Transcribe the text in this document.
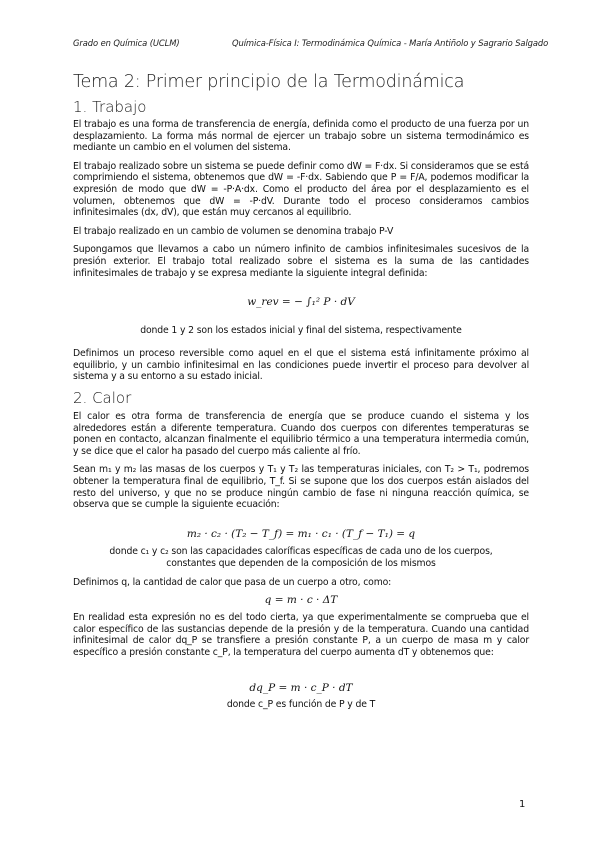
Grado en Química (UCLM)	Química-Física I: Termodinámica Química - María Antiñolo y Sagrario Salgado
Tema 2: Primer principio de la Termodinámica
1. Trabajo

El trabajo es una forma de transferencia de energía, definida como el producto de una fuerza por un desplazamiento. La forma más normal de ejercer un trabajo sobre un sistema termodinámico es mediante un cambio en el volumen del sistema.

El trabajo realizado sobre un sistema se puede definir como dW = F·dx. Si consideramos que se está comprimiendo el sistema, obtenemos que dW = -F·dx. Sabiendo que P = F/A, podemos modificar la expresión de modo que dW = -P·A·dx. Como el producto del área por el desplazamiento es el volumen, obtenemos que dW = -P·dV. Durante todo el proceso consideramos cambios infinitesimales (dx, dV), que están muy cercanos al equilibrio.

El trabajo realizado en un cambio de volumen se denomina trabajo P-V

Supongamos que llevamos a cabo un número infinito de cambios infinitesimales sucesivos de la presión exterior. El trabajo total realizado sobre el sistema es la suma de las cantidades infinitesimales de trabajo y se expresa mediante la siguiente integral definida:

w_rev = − ∫₁² P · dV
donde 1 y 2 son los estados inicial y final del sistema, respectivamente

Definimos un proceso reversible como aquel en el que el sistema está infinitamente próximo al equilibrio, y un cambio infinitesimal en las condiciones puede invertir el proceso para devolver al sistema y a su entorno a su estado inicial.

2. Calor

El calor es otra forma de transferencia de energía que se produce cuando el sistema y los alrededores están a diferente temperatura. Cuando dos cuerpos con diferentes temperaturas se ponen en contacto, alcanzan finalmente el equilibrio térmico a una temperatura intermedia común, y se dice que el calor ha pasado del cuerpo más caliente al frío.

Sean m₁ y m₂ las masas de los cuerpos y T₁ y T₂ las temperaturas iniciales, con T₂ > T₁, podremos obtener la temperatura final de equilibrio, T_f. Si se supone que los dos cuerpos están aislados del resto del universo, y que no se produce ningún cambio de fase ni ninguna reacción química, se observa que se cumple la siguiente ecuación:

m₂ · c₂ · (T₂ − T_f) = m₁ · c₁ · (T_f − T₁) = q
donde c₁ y c₂ son las capacidades caloríficas específicas de cada uno de los cuerpos,
constantes que dependen de la composición de los mismos

Definimos q, la cantidad de calor que pasa de un cuerpo a otro, como:

q = m · c · ΔT

En realidad esta expresión no es del todo cierta, ya que experimentalmente se comprueba que el calor específico de las sustancias depende de la presión y de la temperatura. Cuando una cantidad infinitesimal de calor dq_P se transfiere a presión constante P, a un cuerpo de masa m y calor específico a presión constante c_P, la temperatura del cuerpo aumenta dT y obtenemos que:

dq_P = m · c_P · dT
donde c_P es función de P y de T
1
